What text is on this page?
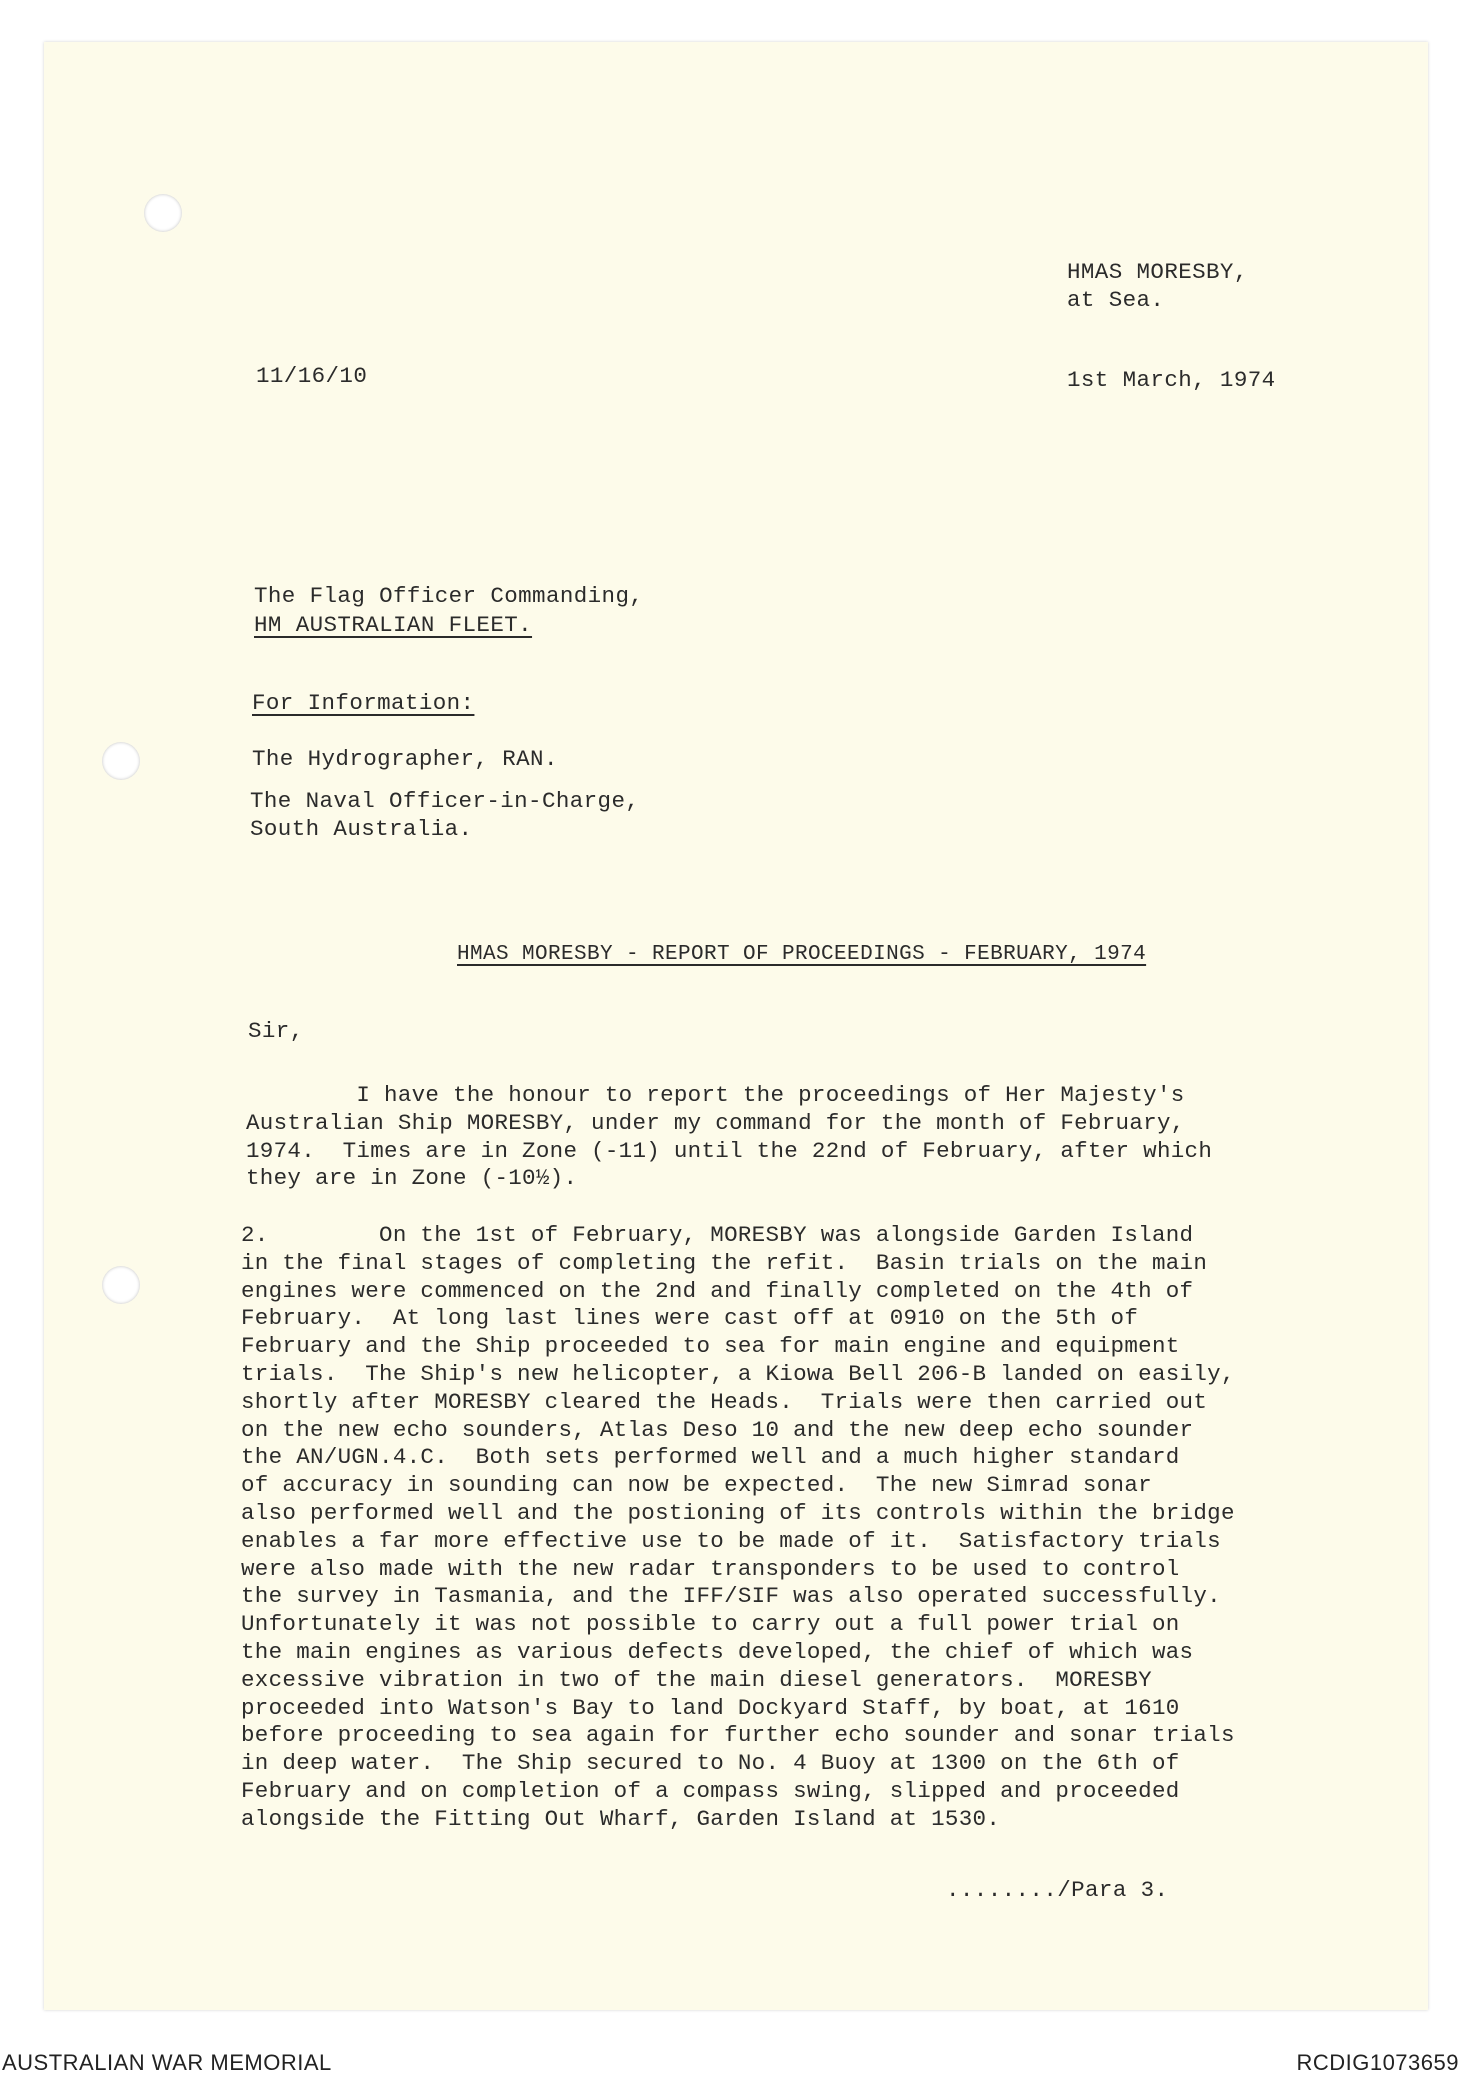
HMAS MORESBY,
at Sea.
11/16/10	1st March, 1974
The Flag Officer Commanding,
HM AUSTRALIAN FLEET.
For Information:
The Hydrographer, RAN.
The Naval Officer-in-Charge,
South Australia.
HMAS MORESBY - REPORT OF PROCEEDINGS - FEBRUARY, 1974
Sir,
I have the honour to report the proceedings of Her Majesty's
Australian Ship MORESBY, under my command for the month of February,
1974.  Times are in Zone (-11) until the 22nd of February, after which
they are in Zone (-10½).
2.        On the 1st of February, MORESBY was alongside Garden Island
in the final stages of completing the refit.  Basin trials on the main
engines were commenced on the 2nd and finally completed on the 4th of
February.  At long last lines were cast off at 0910 on the 5th of
February and the Ship proceeded to sea for main engine and equipment
trials.  The Ship's new helicopter, a Kiowa Bell 206-B landed on easily,
shortly after MORESBY cleared the Heads.  Trials were then carried out
on the new echo sounders, Atlas Deso 10 and the new deep echo sounder
the AN/UGN.4.C.  Both sets performed well and a much higher standard
of accuracy in sounding can now be expected.  The new Simrad sonar
also performed well and the postioning of its controls within the bridge
enables a far more effective use to be made of it.  Satisfactory trials
were also made with the new radar transponders to be used to control
the survey in Tasmania, and the IFF/SIF was also operated successfully.
Unfortunately it was not possible to carry out a full power trial on
the main engines as various defects developed, the chief of which was
excessive vibration in two of the main diesel generators.  MORESBY
proceeded into Watson's Bay to land Dockyard Staff, by boat, at 1610
before proceeding to sea again for further echo sounder and sonar trials
in deep water.  The Ship secured to No. 4 Buoy at 1300 on the 6th of
February and on completion of a compass swing, slipped and proceeded
alongside the Fitting Out Wharf, Garden Island at 1530.
......../Para 3.
AUSTRALIAN WAR MEMORIAL	RCDIG1073659
